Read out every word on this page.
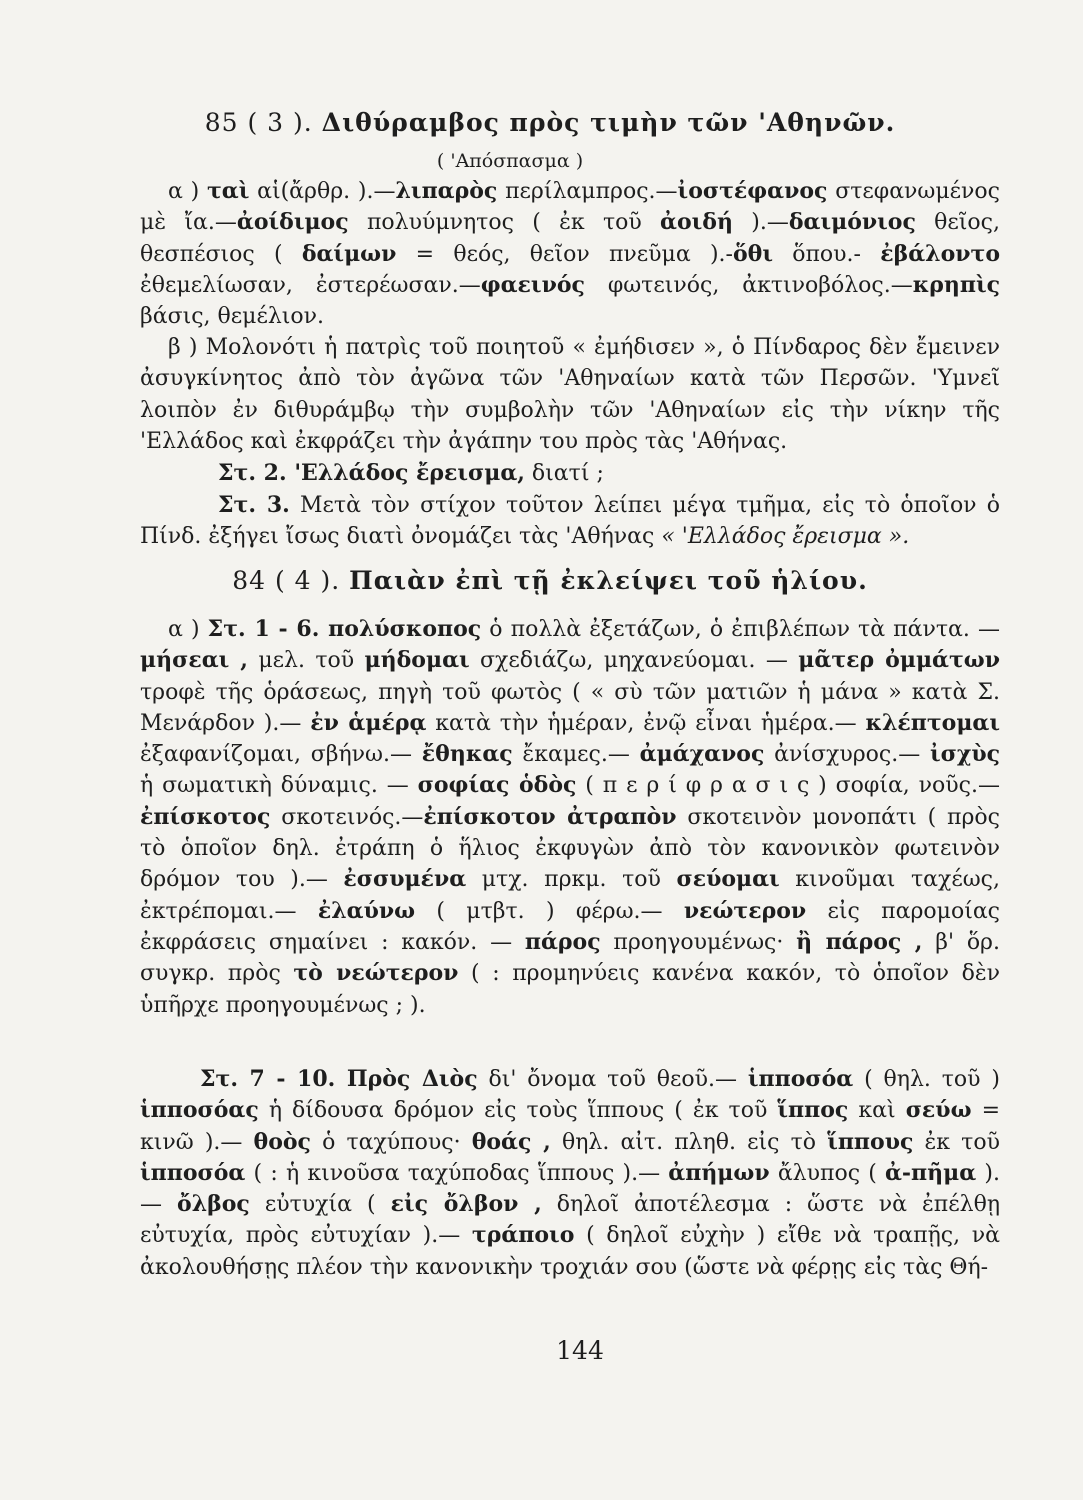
85 ( 3 ). Διθύραμβος πρὸς τιμὴν τῶν 'Αθηνῶν.
( 'Απόσπασμα )
α ) ταὶ αἱ(ἄρθρ. ).—λιπαρὸς περίλαμπρος.—ἰοστέφανος στεφανωμένος μὲ ἴα.—ἀοίδιμος πολυύμνητος ( ἐκ τοῦ ἀοιδή ).—δαιμόνιος θεῖος, θεσπέσιος ( δαίμων = θεός, θεῖον πνεῦμα ).-ὅθι ὅπου.- ἐβάλοντο ἐθεμελίωσαν, ἐστερέωσαν.—φαεινός φωτεινός, ἀκτινοβόλος.—κρηπὶς βάσις, θεμέλιον.
β ) Μολονότι ἡ πατρὶς τοῦ ποιητοῦ « ἐμήδισεν », ὁ Πίνδαρος δὲν ἔμεινεν ἀσυγκίνητος ἀπὸ τὸν ἀγῶνα τῶν 'Αθηναίων κατὰ τῶν Περσῶν. 'Υμνεῖ λοιπὸν ἐν διθυράμβῳ τὴν συμβολὴν τῶν 'Αθηναίων εἰς τὴν νίκην τῆς 'Ελλάδος καὶ ἐκφράζει τὴν ἀγάπην του πρὸς τὰς 'Αθήνας.
Στ. 2. 'Ελλάδος ἔρεισμα, διατί ;
Στ. 3. Μετὰ τὸν στίχον τοῦτον λείπει μέγα τμῆμα, εἰς τὸ ὁποῖον ὁ Πίνδ. ἐξήγει ἴσως διατὶ ὀνομάζει τὰς 'Αθήνας « 'Ελλάδος ἔρεισμα ».
84 ( 4 ). Παιὰν ἐπὶ τῇ ἐκλείψει τοῦ ἡλίου.
α ) Στ. 1 - 6. πολύσκοπος ὁ πολλὰ ἐξετάζων, ὁ ἐπιβλέπων τὰ πάντα. — μήσεαι , μελ. τοῦ μήδομαι σχεδιάζω, μηχανεύομαι. — μᾶτερ ὀμμάτων τροφὲ τῆς ὁράσεως, πηγὴ τοῦ φωτὸς ( « σὺ τῶν ματιῶν ἡ μάνα » κατὰ Σ. Μενάρδον ).— ἐν ἁμέρᾳ κατὰ τὴν ἡμέραν, ἐνῷ εἶναι ἡμέρα.— κλέπτομαι ἐξαφανίζομαι, σβήνω.— ἔθηκας ἔκαμες.— ἀμάχανος ἀνίσχυρος.— ἰσχὺς ἡ σωματικὴ δύναμις. — σοφίας ὁδὸς ( π ε ρ ί φ ρ α σ ι ς ) σοφία, νοῦς.—ἐπίσκοτος σκοτεινός.—ἐπίσκοτον ἀτραπὸν σκοτεινὸν μονοπάτι ( πρὸς τὸ ὁποῖον δηλ. ἐτράπη ὁ ἥλιος ἐκφυγὼν ἀπὸ τὸν κανονικὸν φωτεινὸν δρόμον του ).— ἐσσυμένα μτχ. πρκμ. τοῦ σεύομαι κινοῦμαι ταχέως, ἐκτρέπομαι.— ἐλαύνω ( μτβτ. ) φέρω.— νεώτερον εἰς παρομοίας ἐκφράσεις σημαίνει : κακόν. — πάρος προηγουμένως· ἢ πάρος , β' ὅρ. συγκρ. πρὸς τὸ νεώτερον ( : προμηνύεις κανένα κακόν, τὸ ὁποῖον δὲν ὑπῆρχε προηγουμένως ; ).
Στ. 7 - 10. Πρὸς Διὸς δι' ὄνομα τοῦ θεοῦ.— ἱπποσόα ( θηλ. τοῦ ) ἱπποσόας ἡ δίδουσα δρόμον εἰς τοὺς ἵππους ( ἐκ τοῦ ἵππος καὶ σεύω = κινῶ ).— θοὸς ὁ ταχύπους· θοάς , θηλ. αἰτ. πληθ. εἰς τὸ ἵππους ἐκ τοῦ ἱπποσόα ( : ἡ κινοῦσα ταχύποδας ἵππους ).— ἀπήμων ἄλυπος ( ἀ-πῆμα ).— ὄλβος εὐτυχία ( εἰς ὄλβον , δηλοῖ ἀποτέλεσμα : ὥστε νὰ ἐπέλθῃ εὐτυχία, πρὸς εὐτυχίαν ).— τράποιο ( δηλοῖ εὐχὴν ) εἴθε νὰ τραπῇς, νὰ ἀκολουθήσῃς πλέον τὴν κανονικὴν τροχιάν σου (ὥστε νὰ φέρῃς εἰς τὰς Θή-
144
